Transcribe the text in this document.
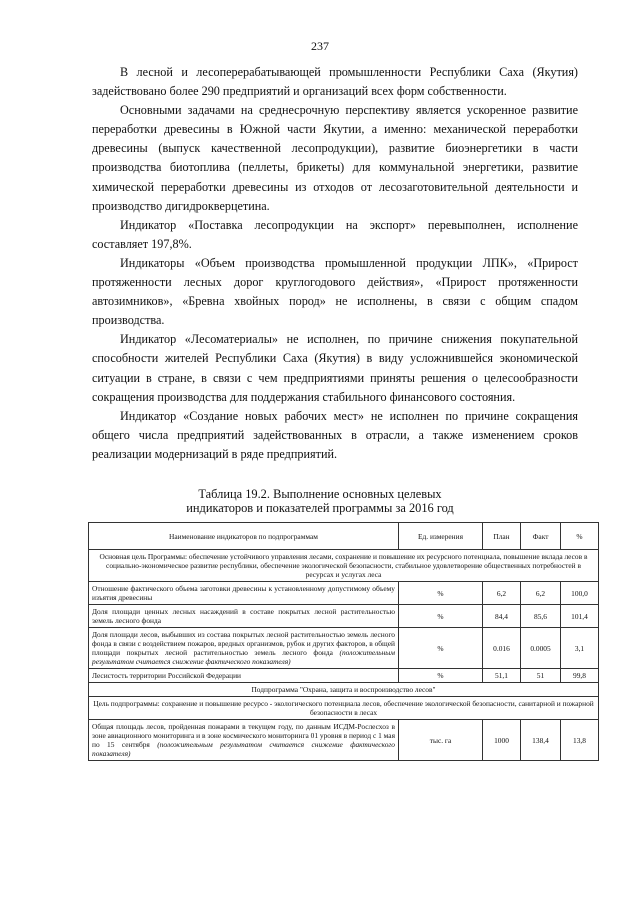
237

В лесной и лесоперерабатывающей промышленности Республики Саха (Якутия) задействовано более 290 предприятий и организаций всех форм собственности.

Основными задачами на среднесрочную перспективу является ускоренное развитие переработки древесины в Южной части Якутии, а именно: механической переработки древесины (выпуск качественной лесопродукции), развитие биоэнергетики в части производства биотоплива (пеллеты, брикеты) для коммунальной энергетики, развитие химической переработки древесины из отходов от лесозаготовительной деятельности и производство дигидрокверцетина.

Индикатор «Поставка лесопродукции на экспорт» перевыполнен, исполнение составляет 197,8%.

Индикаторы «Объем производства промышленной продукции ЛПК», «Прирост протяженности лесных дорог круглогодового действия», «Прирост протяженности автозимников», «Бревна хвойных пород» не исполнены, в связи с общим спадом производства.

Индикатор «Лесоматериалы» не исполнен, по причине снижения покупательной способности жителей Республики Саха (Якутия) в виду усложнившейся экономической ситуации в стране, в связи с чем предприятиями приняты решения о целесообразности сокращения производства для поддержания стабильного финансового состояния.

Индикатор «Создание новых рабочих мест» не исполнен по причине сокращения общего числа предприятий задействованных в отрасли, а также изменением сроков реализации модернизаций в ряде предприятий.

Таблица 19.2. Выполнение основных целевых
индикаторов и показателей программы за 2016 год
Наименование индикаторов по подпрограммам	Ед. измерения	План	Факт	%
Основная цель Программы: обеспечение устойчивого управления лесами, сохранение и повышение их ресурсного потенциала, повышение вклада лесов в социально-экономическое развитие республики, обеспечение экологической безопасности, стабильное удовлетворение общественных потребностей в ресурсах и услугах леса				
Отношение фактического объема заготовки древесины к установленному допустимому объему изъятия древесины	%	6,2	6,2	100,0
Доля площади ценных лесных насаждений в составе покрытых лесной растительностью земель лесного фонда	%	84,4	85,6	101,4
Доля площади лесов, выбывших из состава покрытых лесной растительностью земель лесного фонда в связи с воздействием пожаров, вредных организмов, рубок и других факторов, в общей площади покрытых лесной растительностью земель лесного фонда (положительным результатом считается снижение фактического показателя)	%	0.016	0.0005	3,1
Лесистость территории Российской Федерации	%	51,1	51	99,8
Подпрограмма "Охрана, защита и воспроизводство лесов"				
Цель подпрограммы: сохранение и повышение ресурсо - экологического потенциала лесов, обеспечение экологической безопасности, санитарной и пожарной безопасности в лесах				
Общая площадь лесов, пройденная пожарами в текущем году, по данным ИСДМ-Рослесхоз в зоне авиационного мониторинга и в зоне космического мониторинга 01 уровня в период с 1 мая по 15 сентября (положительным результатом считается снижение фактического показателя)	тыс. га	1000	138,4	13,8
